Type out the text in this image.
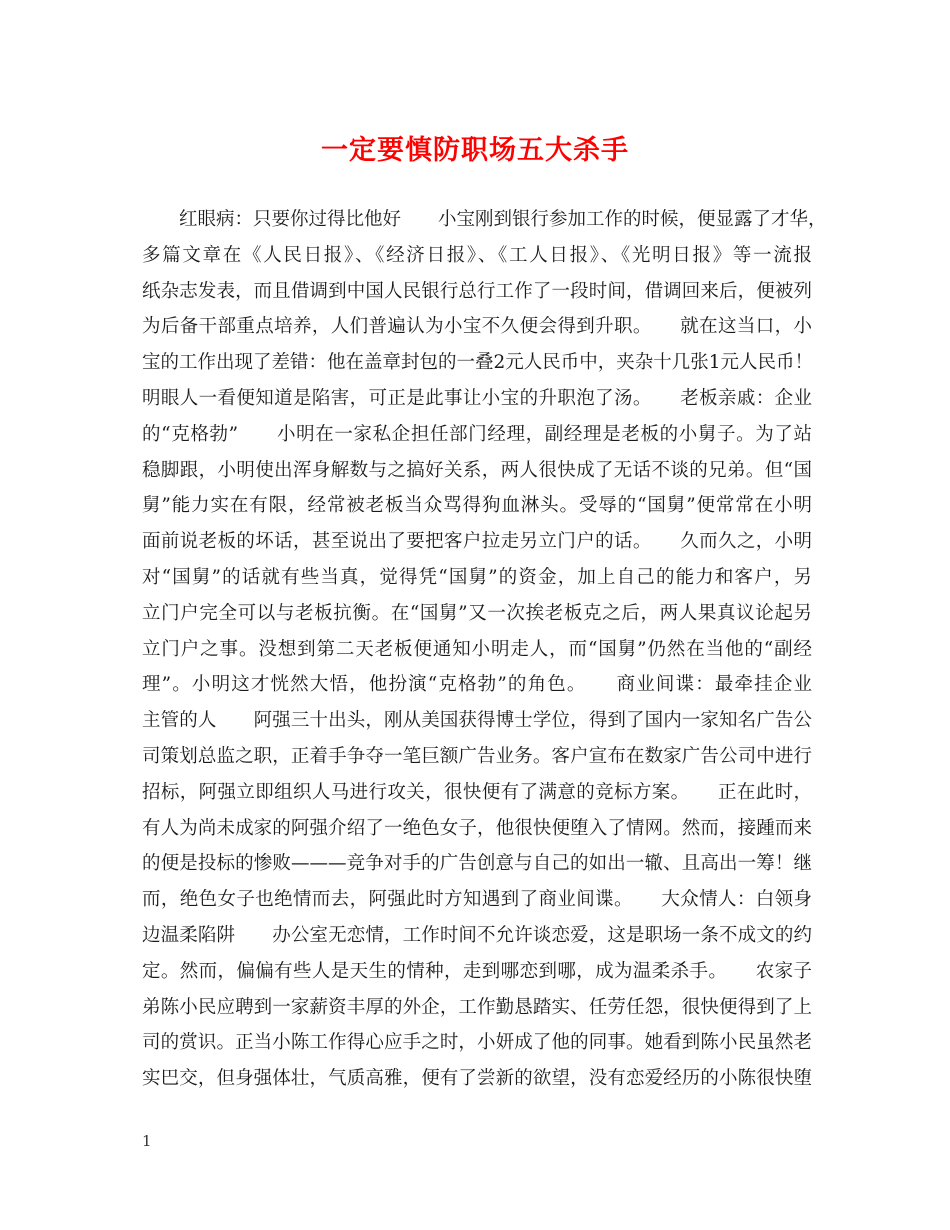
一定要慎防职场五大杀手
红眼病：只要你过得比他好　　小宝刚到银行参加工作的时候，便显露了才华，
多篇文章在《人民日报》、《经济日报》、《工人日报》、《光明日报》等一流报
纸杂志发表，而且借调到中国人民银行总行工作了一段时间，借调回来后，便被列
为后备干部重点培养，人们普遍认为小宝不久便会得到升职。　　就在这当口，小
宝的工作出现了差错：他在盖章封包的一叠2元人民币中，夹杂十几张1元人民币！
明眼人一看便知道是陷害，可正是此事让小宝的升职泡了汤。　　老板亲戚：企业
的“克格勃”　　小明在一家私企担任部门经理，副经理是老板的小舅子。为了站
稳脚跟，小明使出浑身解数与之搞好关系，两人很快成了无话不谈的兄弟。但“国
舅”能力实在有限，经常被老板当众骂得狗血淋头。受辱的“国舅”便常常在小明
面前说老板的坏话，甚至说出了要把客户拉走另立门户的话。　　久而久之，小明
对“国舅”的话就有些当真，觉得凭“国舅”的资金，加上自己的能力和客户，另
立门户完全可以与老板抗衡。在“国舅”又一次挨老板克之后，两人果真议论起另
立门户之事。没想到第二天老板便通知小明走人，而“国舅”仍然在当他的“副经
理”。小明这才恍然大悟，他扮演“克格勃”的角色。　　商业间谍：最牵挂企业
主管的人　　阿强三十出头，刚从美国获得博士学位，得到了国内一家知名广告公
司策划总监之职，正着手争夺一笔巨额广告业务。客户宣布在数家广告公司中进行
招标，阿强立即组织人马进行攻关，很快便有了满意的竞标方案。　　正在此时，
有人为尚未成家的阿强介绍了一绝色女子，他很快便堕入了情网。然而，接踵而来
的便是投标的惨败———竞争对手的广告创意与自己的如出一辙、且高出一筹！继
而，绝色女子也绝情而去，阿强此时方知遇到了商业间谍。　　大众情人：白领身
边温柔陷阱　　办公室无恋情，工作时间不允许谈恋爱，这是职场一条不成文的约
定。然而，偏偏有些人是天生的情种，走到哪恋到哪，成为温柔杀手。　　农家子
弟陈小民应聘到一家薪资丰厚的外企，工作勤恳踏实、任劳任怨，很快便得到了上
司的赏识。正当小陈工作得心应手之时，小妍成了他的同事。她看到陈小民虽然老
实巴交，但身强体壮，气质高雅，便有了尝新的欲望，没有恋爱经历的小陈很快堕
1
